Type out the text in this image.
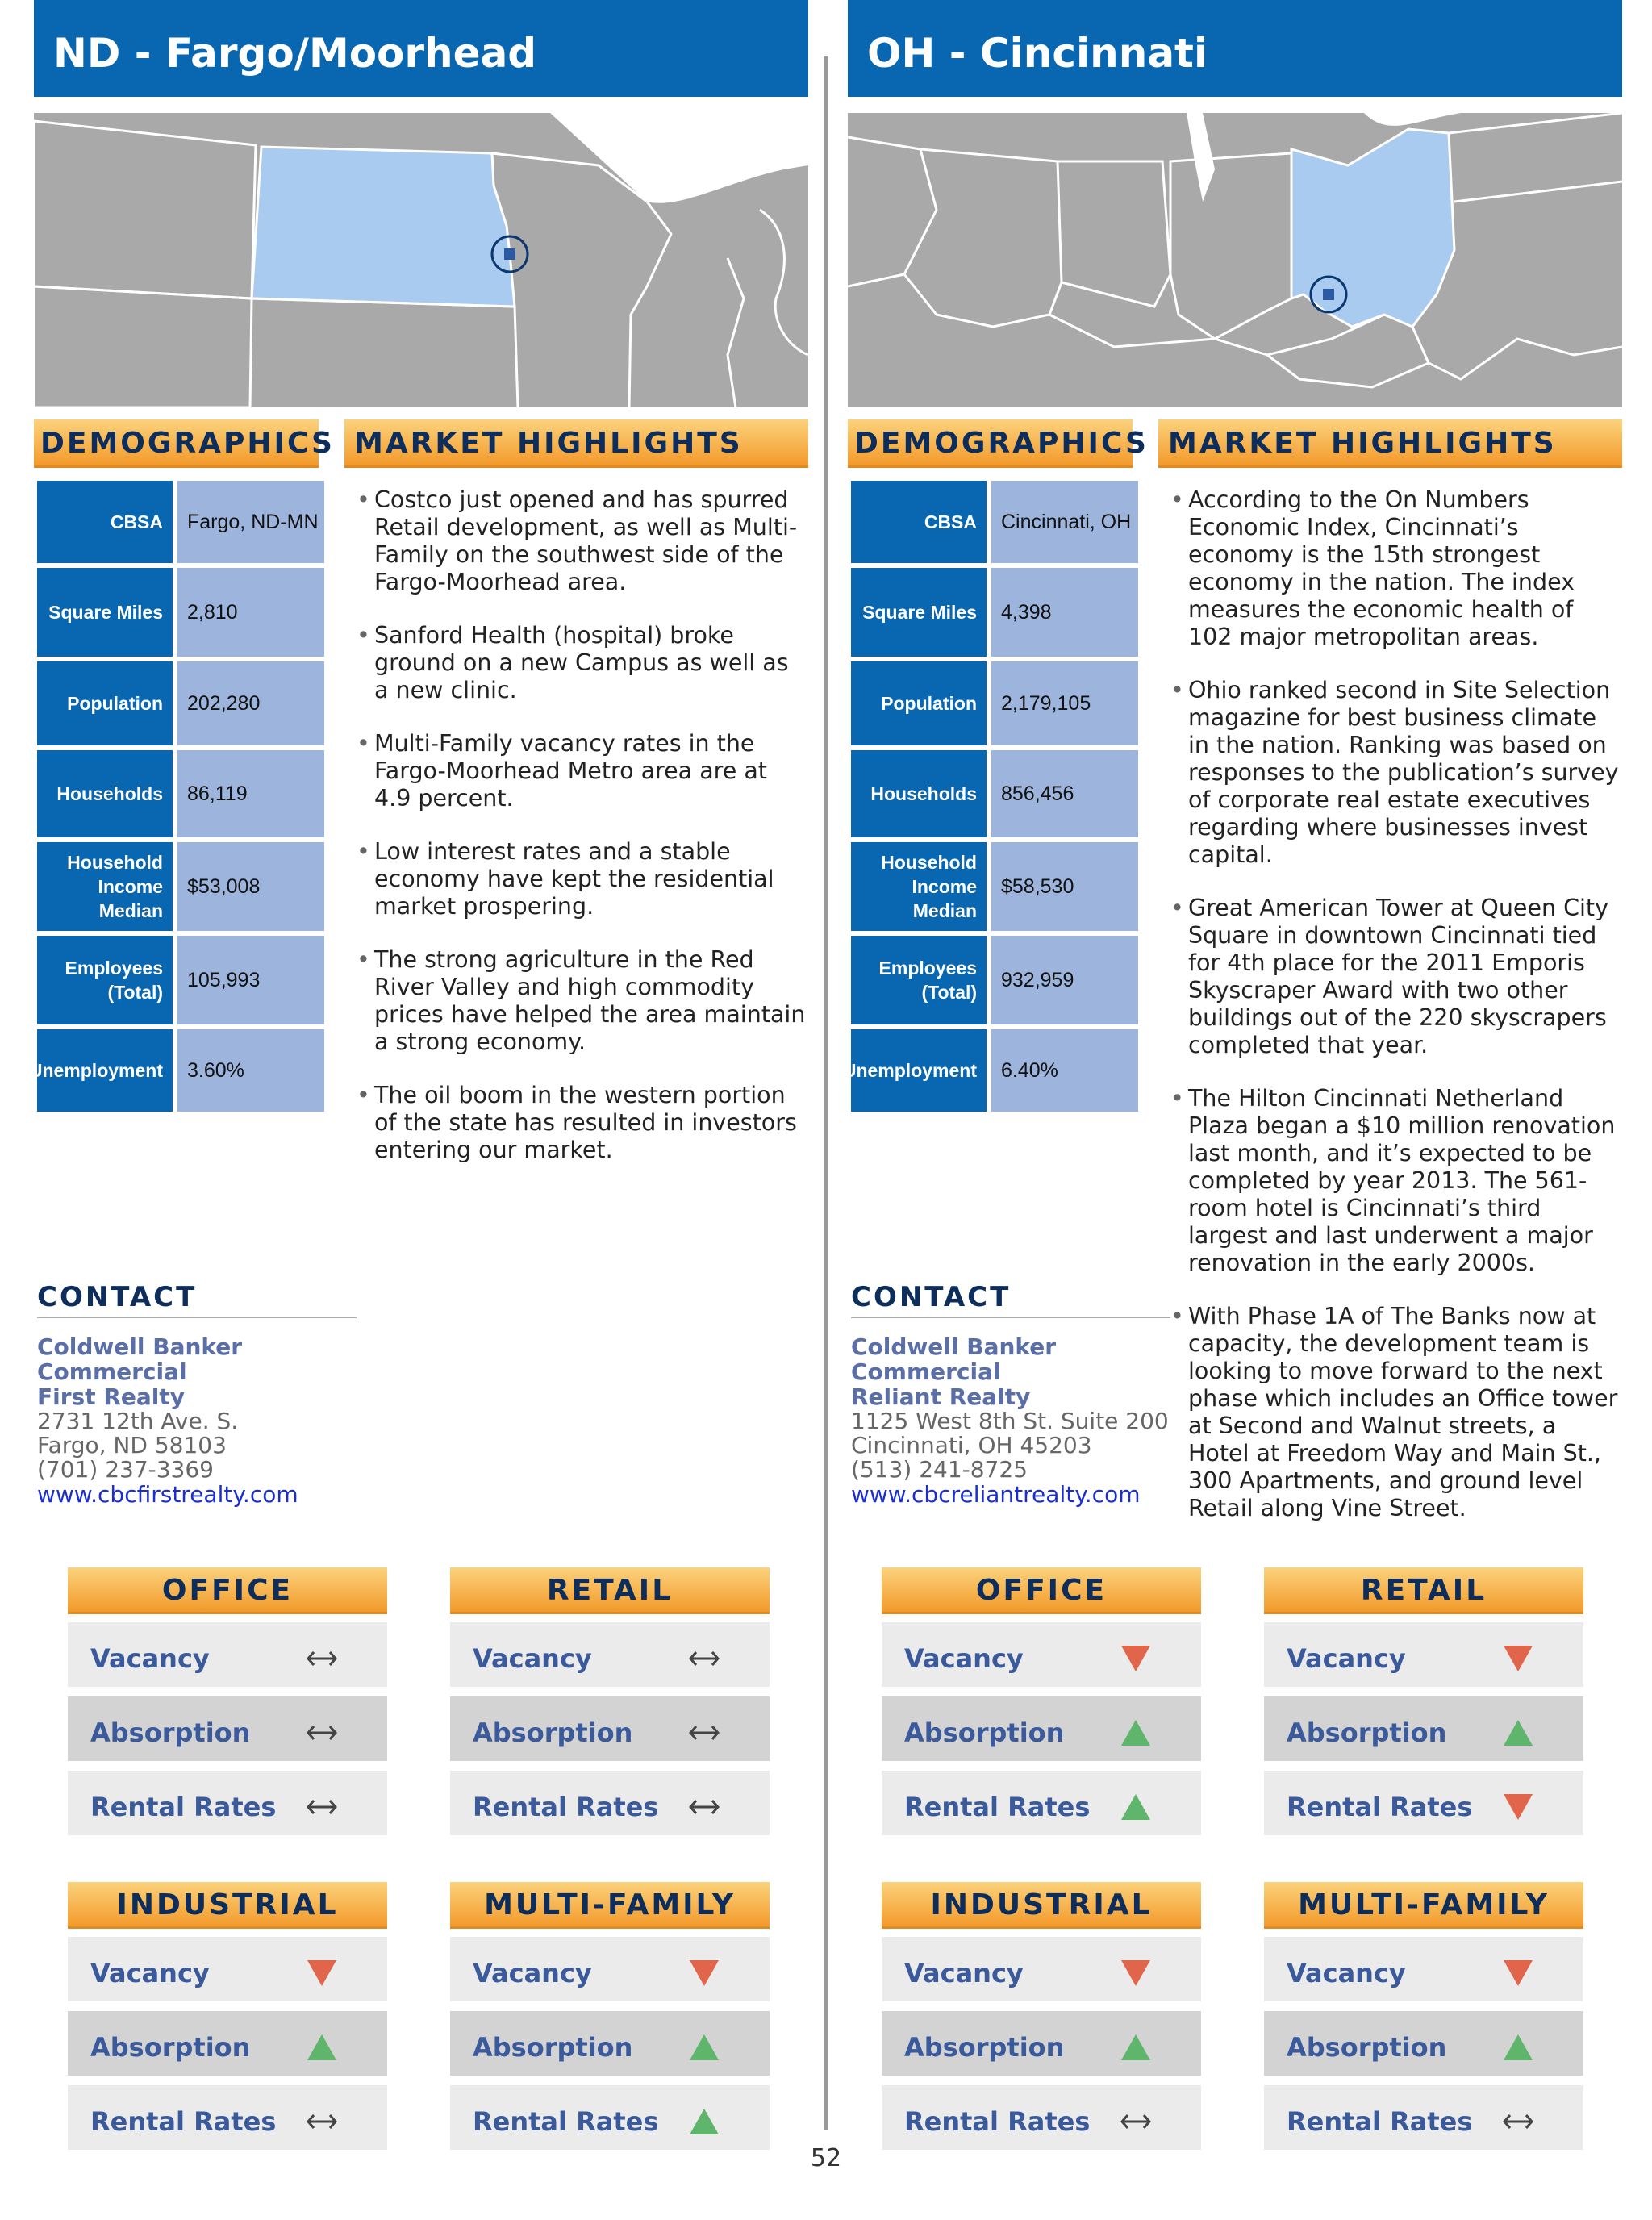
ND - Fargo/Moorhead
DEMOGRAPHICS MARKET HIGHLIGHTS
CBSA	Fargo, ND-MN
Square Miles	2,810
Population	202,280
Households	86,119
Household Income Median
$53,008
Employees (Total)
105,993
Unemployment	3.60%
• Costco just opened and has spurred Retail development, as well as Multi-Family on the southwest side of the Fargo-Moorhead area.
• Sanford Health (hospital) broke ground on a new Campus as well as a new clinic.
• Multi-Family vacancy rates in the Fargo-Moorhead Metro area are at 4.9 percent.
• Low interest rates and a stable economy have kept the residential market prospering.
• The strong agriculture in the Red River Valley and high commodity prices have helped the area maintain a strong economy.
• The oil boom in the western portion of the state has resulted in investors entering our market.
CONTACT
Coldwell Banker Commercial
First Realty
2731 12th Ave. S.
Fargo, ND 58103
(701) 237-3369
www.cbcfirstrealty.com
OFFICE
Vacancy
Absorption
Rental Rates
RETAIL
Vacancy
Absorption
Rental Rates
INDUSTRIAL
Vacancy
Absorption
Rental Rates
MULTI-FAMILY
Vacancy
Absorption
Rental Rates
OH - Cincinnati
DEMOGRAPHICS MARKET HIGHLIGHTS
CBSA	Cincinnati, OH
Square Miles	4,398
Population	2,179,105
Households	856,456
Household Income Median
$58,530
Employees (Total)
932,959
Unemployment	6.40%
• According to the On Numbers Economic Index, Cincinnati’s economy is the 15th strongest economy in the nation. The index measures the economic health of 102 major metropolitan areas.
• Ohio ranked second in Site Selection magazine for best business climate in the nation. Ranking was based on responses to the publication’s survey of corporate real estate executives regarding where businesses invest capital.
• Great American Tower at Queen City Square in downtown Cincinnati tied for 4th place for the 2011 Emporis Skyscraper Award with two other buildings out of the 220 skyscrapers completed that year.
• The Hilton Cincinnati Netherland Plaza began a $10 million renovation last month, and it’s expected to be completed by year 2013. The 561-room hotel is Cincinnati’s third largest and last underwent a major renovation in the early 2000s.
• With Phase 1A of The Banks now at capacity, the development team is looking to move forward to the next phase which includes an Office tower at Second and Walnut streets, a Hotel at Freedom Way and Main St., 300 Apartments, and ground level Retail along Vine Street.
CONTACT
Coldwell Banker Commercial
Reliant Realty
1125 West 8th St. Suite 200
Cincinnati, OH 45203
(513) 241-8725
www.cbcreliantrealty.com
OFFICE
Vacancy
Absorption
Rental Rates
RETAIL
Vacancy
Absorption
Rental Rates
INDUSTRIAL
Vacancy
Absorption
Rental Rates
MULTI-FAMILY
Vacancy
Absorption
Rental Rates
52
